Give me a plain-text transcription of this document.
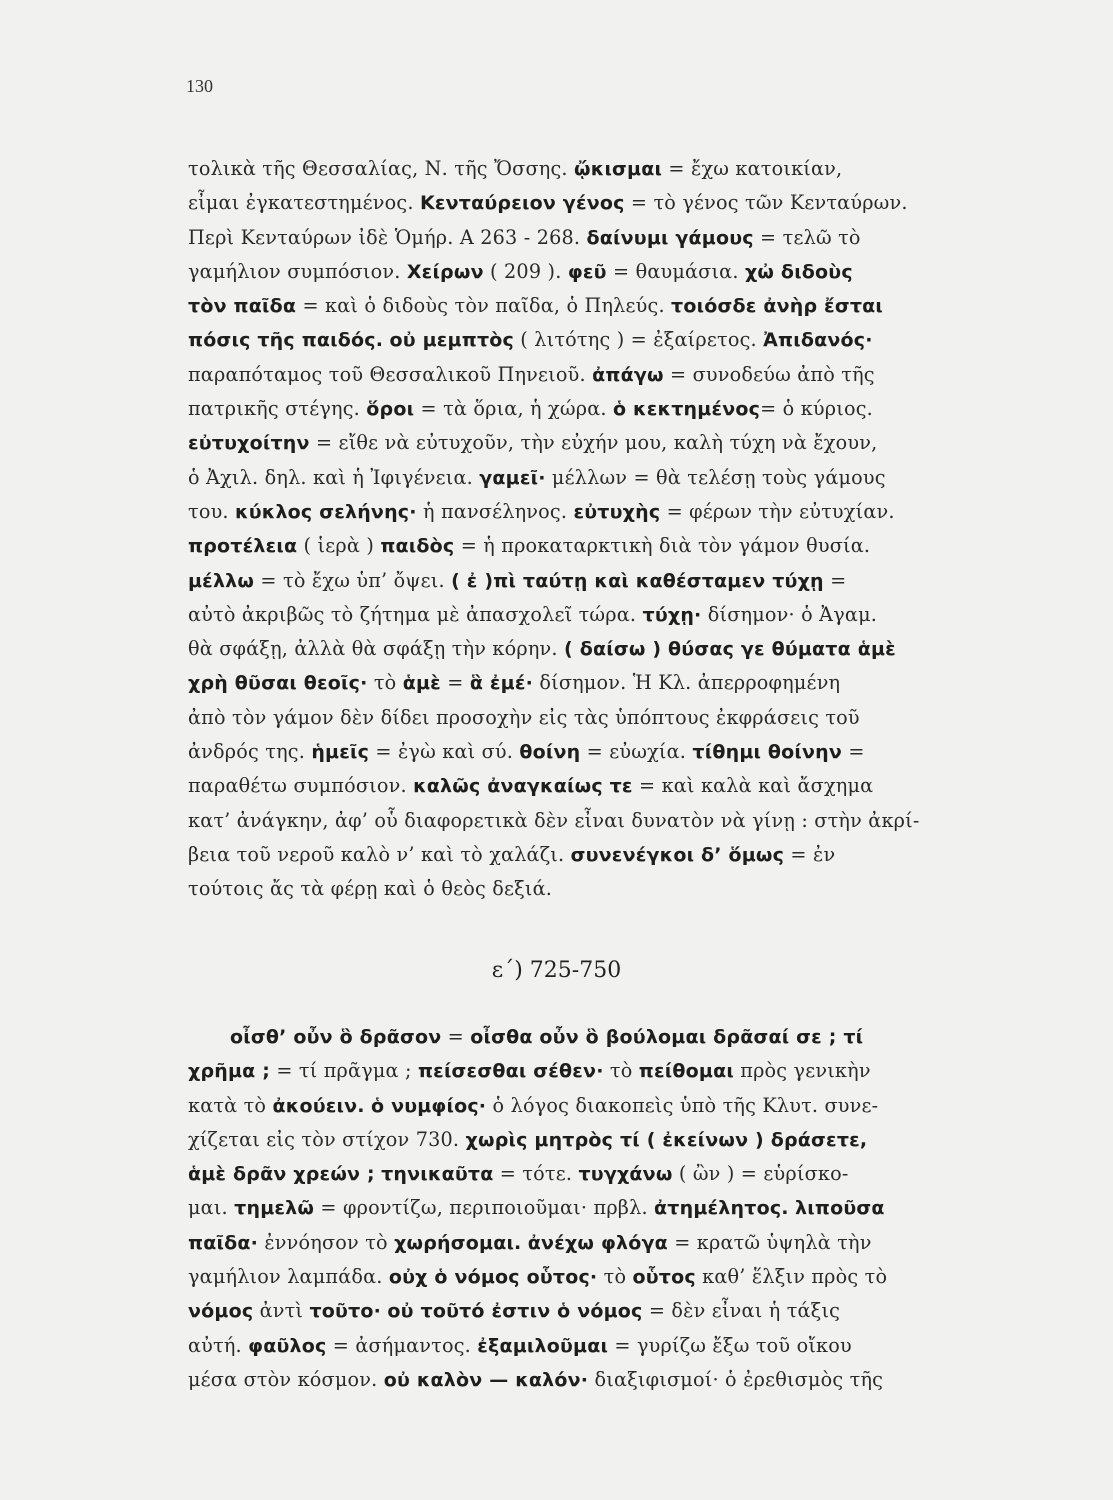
130
τολικὰ τῆς Θεσσαλίας, Ν. τῆς Ὄσσης. ᾤκισμαι = ἔχω κατοικίαν,
εἶμαι ἐγκατεστημένος. Κενταύρειον γένος = τὸ γένος τῶν Κενταύρων.
Περὶ Κενταύρων ἰδὲ Ὁμήρ. Α 263 - 268. δαίνυμι γάμους = τελῶ τὸ
γαμήλιον συμπόσιον. Χείρων ( 209 ). φεῦ = θαυμάσια. χὠ διδοὺς
τὸν παῖδα = καὶ ὁ διδοὺς τὸν παῖδα, ὁ Πηλεύς. τοιόσδε ἀνὴρ ἔσται
πόσις τῆς παιδός. οὐ μεμπτὸς ( λιτότης ) = ἐξαίρετος. Ἀπιδανός·
παραπόταμος τοῦ Θεσσαλικοῦ Πηνειοῦ. ἀπάγω = συνοδεύω ἀπὸ τῆς
πατρικῆς στέγης. ὅροι = τὰ ὅρια, ἡ χώρα. ὁ κεκτημένος= ὁ κύριος.
εὐτυχοίτην = εἴθε νὰ εὐτυχοῦν, τὴν εὐχήν μου, καλὴ τύχη νὰ ἔχουν,
ὁ Ἀχιλ. δηλ. καὶ ἡ Ἰφιγένεια. γαμεῖ· μέλλων = θὰ τελέσῃ τοὺς γάμους
του. κύκλος σελήνης· ἡ πανσέληνος. εὐτυχὴς = φέρων τὴν εὐτυχίαν.
προτέλεια ( ἱερὰ ) παιδὸς = ἡ προκαταρκτικὴ διὰ τὸν γάμον θυσία.
μέλλω = τὸ ἔχω ὑπ’ ὄψει. ( ἐ )πὶ ταύτῃ καὶ καθέσταμεν τύχῃ =
αὐτὸ ἀκριβῶς τὸ ζήτημα μὲ ἀπασχολεῖ τώρα. τύχῃ· δίσημον· ὁ Ἀγαμ.
θὰ σφάξῃ, ἀλλὰ θὰ σφάξῃ τὴν κόρην. ( δαίσω ) θύσας γε θύματα ἁμὲ
χρὴ θῦσαι θεοῖς· τὸ ἁμὲ = ἃ ἐμέ· δίσημον. Ἡ Κλ. ἀπερροφημένη
ἀπὸ τὸν γάμον δὲν δίδει προσοχὴν εἰς τὰς ὑπόπτους ἐκφράσεις τοῦ
ἀνδρός της. ἡμεῖς = ἐγὼ καὶ σύ. θοίνη = εὐωχία. τίθημι θοίνην =
παραθέτω συμπόσιον. καλῶς ἀναγκαίως τε = καὶ καλὰ καὶ ἄσχημα
κατ’ ἀνάγκην, ἀφ’ οὗ διαφορετικὰ δὲν εἶναι δυνατὸν νὰ γίνῃ : στὴν ἀκρί-
βεια τοῦ νεροῦ καλὸ ν’ καὶ τὸ χαλάζι. συνενέγκοι δ’ ὅμως = ἐν
τούτοις ἄς τὰ φέρῃ καὶ ὁ θεὸς δεξιά.
ε΄) 725-750
οἶσθ’ οὖν ὃ δρᾶσον = οἶσθα οὖν ὃ βούλομαι δρᾶσαί σε ; τί
χρῆμα ; = τί πρᾶγμα ; πείσεσθαι σέθεν· τὸ πείθομαι πρὸς γενικὴν
κατὰ τὸ ἀκούειν. ὁ νυμφίος· ὁ λόγος διακοπεὶς ὑπὸ τῆς Κλυτ. συνε-
χίζεται εἰς τὸν στίχον 730. χωρὶς μητρὸς τί ( ἐκείνων ) δράσετε,
ἁμὲ δρᾶν χρεών ; τηνικαῦτα = τότε. τυγχάνω ( ὢν ) = εὑρίσκο-
μαι. τημελῶ = φροντίζω, περιποιοῦμαι· πρβλ. ἀτημέλητος. λιποῦσα
παῖδα· ἐννόησον τὸ χωρήσομαι. ἀνέχω φλόγα = κρατῶ ὑψηλὰ τὴν
γαμήλιον λαμπάδα. οὐχ ὁ νόμος οὗτος· τὸ οὗτος καθ’ ἕλξιν πρὸς τὸ
νόμος ἀντὶ τοῦτο· οὐ τοῦτό ἐστιν ὁ νόμος = δὲν εἶναι ἡ τάξις
αὐτή. φαῦλος = ἀσήμαντος. ἐξαμιλοῦμαι = γυρίζω ἔξω τοῦ οἴκου
μέσα στὸν κόσμον. οὐ καλὸν — καλόν· διαξιφισμοί· ὁ ἐρεθισμὸς τῆς
